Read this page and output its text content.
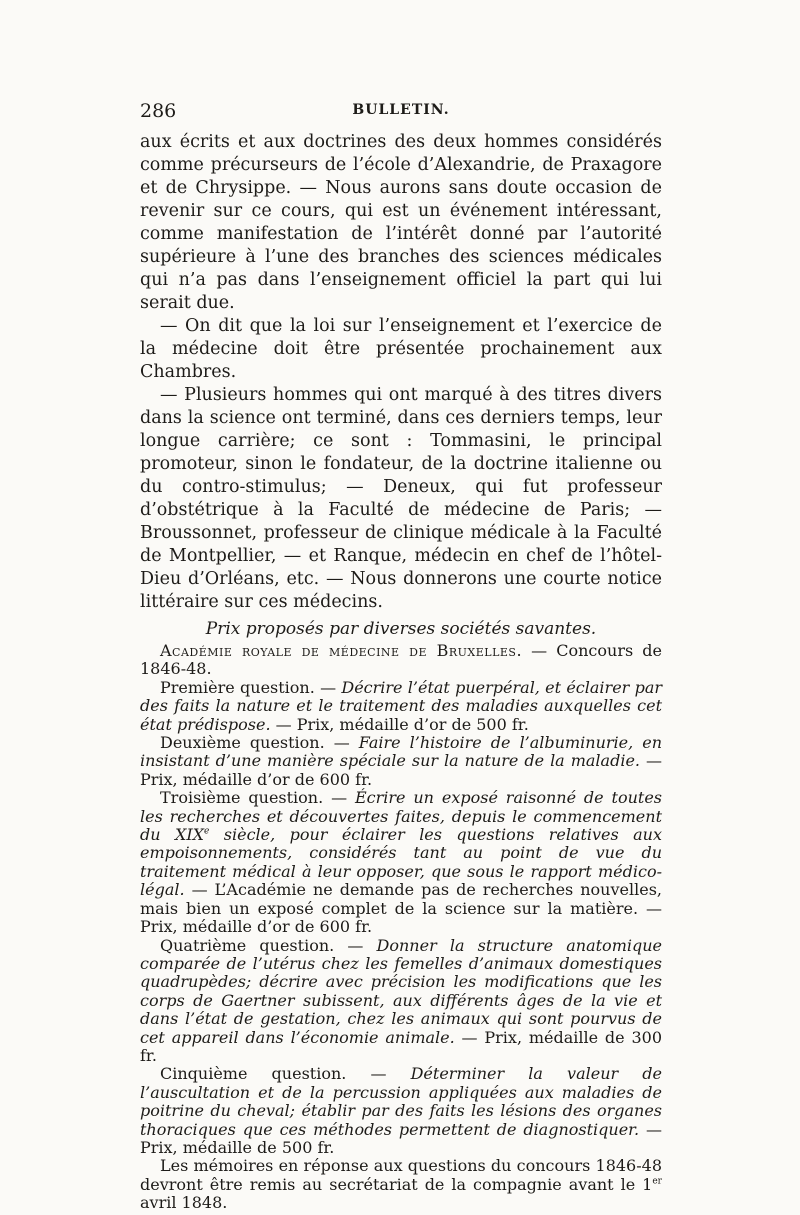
286	BULLETIN.

aux écrits et aux doctrines des deux hommes considérés comme précurseurs de l’école d’Alexandrie, de Praxagore et de Chrysippe. — Nous aurons sans doute occasion de revenir sur ce cours, qui est un événement intéressant, comme manifestation de l’intérêt donné par l’autorité supérieure à l’une des branches des sciences médicales qui n’a pas dans l’enseignement officiel la part qui lui serait due.

— On dit que la loi sur l’enseignement et l’exercice de la médecine doit être présentée prochainement aux Chambres.

— Plusieurs hommes qui ont marqué à des titres divers dans la science ont terminé, dans ces derniers temps, leur longue carrière; ce sont : Tommasini, le principal promoteur, sinon le fondateur, de la doctrine italienne ou du contro-stimulus; — Deneux, qui fut professeur d’obstétrique à la Faculté de médecine de Paris; — Broussonnet, professeur de clinique médicale à la Faculté de Montpellier, — et Ranque, médecin en chef de l’hôtel-Dieu d’Orléans, etc. — Nous donnerons une courte notice littéraire sur ces médecins.

Prix proposés par diverses sociétés savantes.

Académie royale de médecine de Bruxelles. — Concours de 1846-48.

Première question. — Décrire l’état puerpéral, et éclairer par des faits la nature et le traitement des maladies auxquelles cet état prédispose. — Prix, médaille d’or de 500 fr.

Deuxième question. — Faire l’histoire de l’albuminurie, en insistant d’une manière spéciale sur la nature de la maladie. — Prix, médaille d’or de 600 fr.

Troisième question. — Écrire un exposé raisonné de toutes les recherches et découvertes faites, depuis le commencement du XIXe siècle, pour éclairer les questions relatives aux empoisonnements, considérés tant au point de vue du traitement médical à leur opposer, que sous le rapport médico-légal. — L’Académie ne demande pas de recherches nouvelles, mais bien un exposé complet de la science sur la matière. — Prix, médaille d’or de 600 fr.

Quatrième question. — Donner la structure anatomique comparée de l’utérus chez les femelles d’animaux domestiques quadrupèdes; décrire avec précision les modifications que les corps de Gaertner subissent, aux différents âges de la vie et dans l’état de gestation, chez les animaux qui sont pourvus de cet appareil dans l’économie animale. — Prix, médaille de 300 fr.

Cinquième question. — Déterminer la valeur de l’auscultation et de la percussion appliquées aux maladies de poitrine du cheval; établir par des faits les lésions des organes thoraciques que ces méthodes permettent de diagnostiquer. — Prix, médaille de 500 fr.

Les mémoires en réponse aux questions du concours 1846-48 devront être remis au secrétariat de la compagnie avant le 1er avril 1848.
